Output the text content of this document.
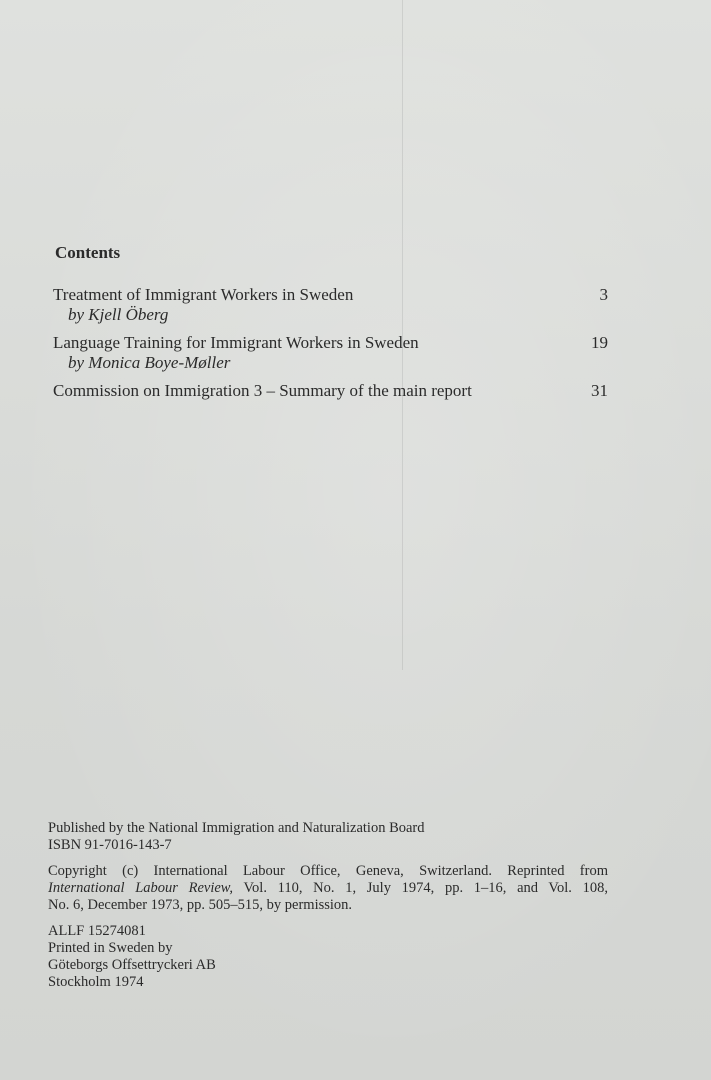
Contents
Treatment of Immigrant Workers in Sweden
by Kjell Öberg
3
Language Training for Immigrant Workers in Sweden
by Monica Boye-Møller
19
Commission on Immigration 3 – Summary of the main report	31

Published by the National Immigration and Naturalization Board
ISBN 91-7016-143-7

Copyright (c) International Labour Office, Geneva, Switzerland. Reprinted from
International Labour Review, Vol. 110, No. 1, July 1974, pp. 1–16, and Vol. 108,
No. 6, December 1973, pp. 505–515, by permission.

ALLF 15274081
Printed in Sweden by
Göteborgs Offsettryckeri AB
Stockholm 1974
